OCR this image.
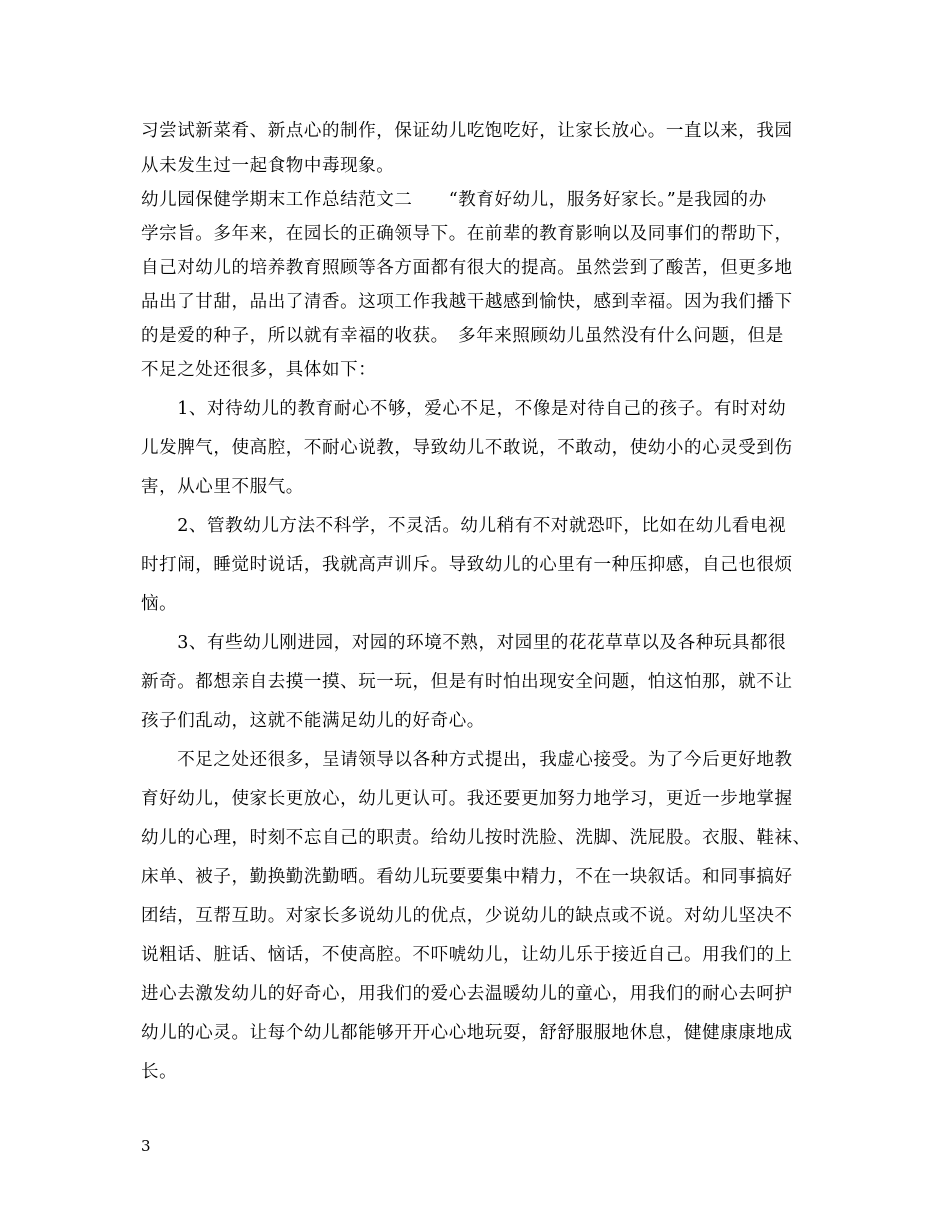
习尝试新菜肴、新点心的制作，保证幼儿吃饱吃好，让家长放心。一直以来，我园
从未发生过一起食物中毒现象。
幼儿园保健学期末工作总结范文二　　“教育好幼儿，服务好家长。”是我园的办
学宗旨。多年来，在园长的正确领导下。在前辈的教育影响以及同事们的帮助下，
自己对幼儿的培养教育照顾等各方面都有很大的提高。虽然尝到了酸苦，但更多地
品出了甘甜，品出了清香。这项工作我越干越感到愉快，感到幸福。因为我们播下
的是爱的种子，所以就有幸福的收获。　多年来照顾幼儿虽然没有什么问题，但是
不足之处还很多，具体如下：
　　1、对待幼儿的教育耐心不够，爱心不足，不像是对待自己的孩子。有时对幼
儿发脾气，使高腔，不耐心说教，导致幼儿不敢说，不敢动，使幼小的心灵受到伤
害，从心里不服气。
　　2、管教幼儿方法不科学，不灵活。幼儿稍有不对就恐吓，比如在幼儿看电视
时打闹，睡觉时说话，我就高声训斥。导致幼儿的心里有一种压抑感，自己也很烦
恼。
　　3、有些幼儿刚进园，对园的环境不熟，对园里的花花草草以及各种玩具都很
新奇。都想亲自去摸一摸、玩一玩，但是有时怕出现安全问题，怕这怕那，就不让
孩子们乱动，这就不能满足幼儿的好奇心。
　　不足之处还很多，呈请领导以各种方式提出，我虚心接受。为了今后更好地教
育好幼儿，使家长更放心，幼儿更认可。我还要更加努力地学习，更近一步地掌握
幼儿的心理，时刻不忘自己的职责。给幼儿按时洗脸、洗脚、洗屁股。衣服、鞋袜、
床单、被子，勤换勤洗勤晒。看幼儿玩要要集中精力，不在一块叙话。和同事搞好
团结，互帮互助。对家长多说幼儿的优点，少说幼儿的缺点或不说。对幼儿坚决不
说粗话、脏话、恼话，不使高腔。不吓唬幼儿，让幼儿乐于接近自己。用我们的上
进心去激发幼儿的好奇心，用我们的爱心去温暖幼儿的童心，用我们的耐心去呵护
幼儿的心灵。让每个幼儿都能够开开心心地玩耍，舒舒服服地休息，健健康康地成
长。
3
